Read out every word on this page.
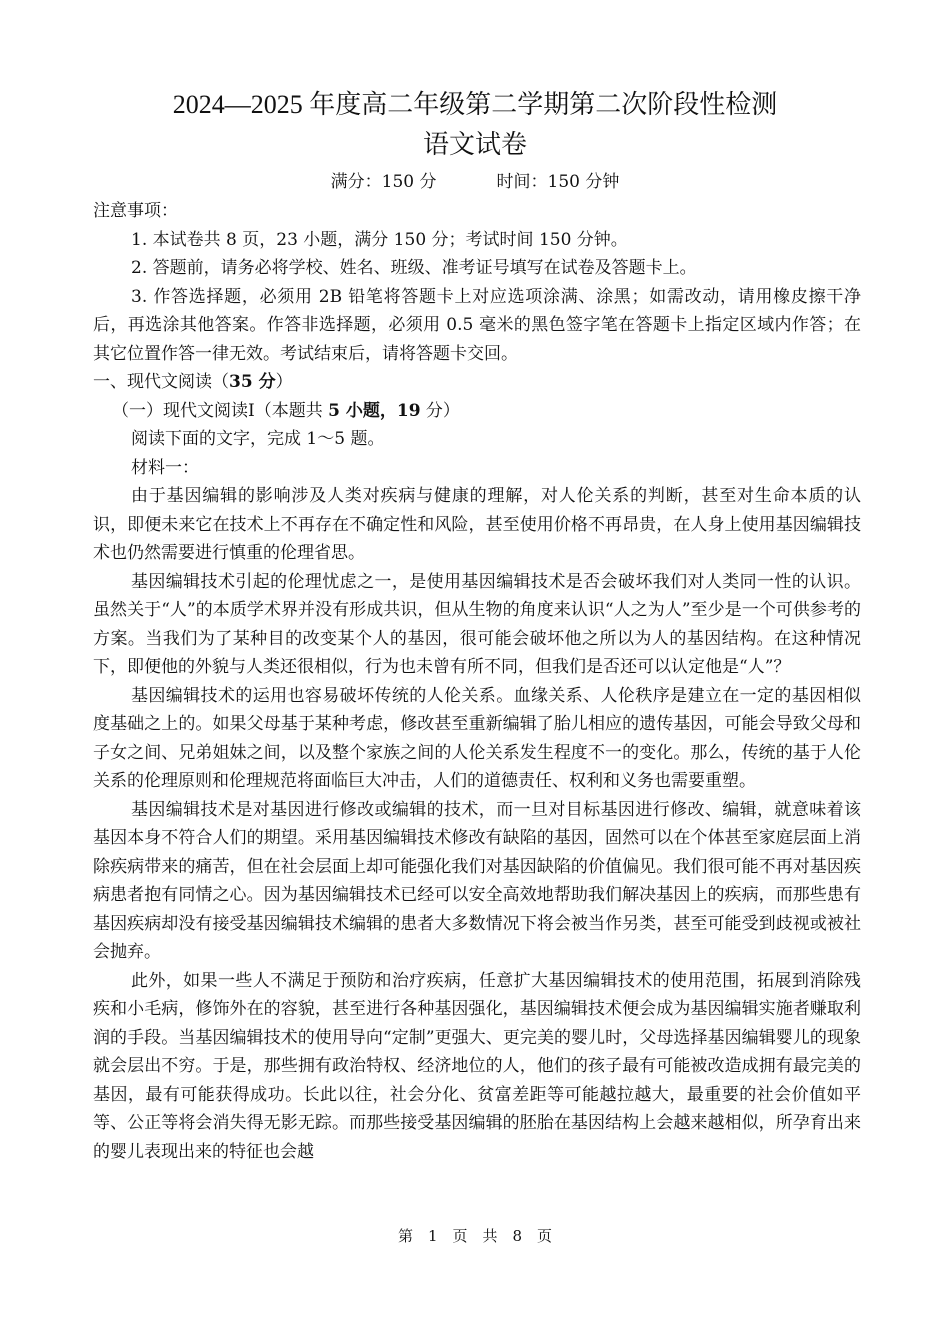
2024—2025 年度高二年级第二学期第二次阶段性检测
语文试卷
满分：150 分	时间：150 分钟

注意事项：

1. 本试卷共 8 页，23 小题，满分 150 分；考试时间 150 分钟。

2. 答题前，请务必将学校、姓名、班级、准考证号填写在试卷及答题卡上。

3. 作答选择题，必须用 2B 铅笔将答题卡上对应选项涂满、涂黑；如需改动，请用橡皮擦干净后，再选涂其他答案。作答非选择题，必须用 0.5 毫米的黑色签字笔在答题卡上指定区域内作答；在其它位置作答一律无效。考试结束后，请将答题卡交回。

一、现代文阅读（35 分）

（一）现代文阅读Ⅰ（本题共 5 小题，19 分）

阅读下面的文字，完成 1～5 题。

材料一：

由于基因编辑的影响涉及人类对疾病与健康的理解，对人伦关系的判断，甚至对生命本质的认识，即便未来它在技术上不再存在不确定性和风险，甚至使用价格不再昂贵，在人身上使用基因编辑技术也仍然需要进行慎重的伦理省思。

基因编辑技术引起的伦理忧虑之一，是使用基因编辑技术是否会破坏我们对人类同一性的认识。虽然关于“人”的本质学术界并没有形成共识，但从生物的角度来认识“人之为人”至少是一个可供参考的方案。当我们为了某种目的改变某个人的基因，很可能会破坏他之所以为人的基因结构。在这种情况下，即便他的外貌与人类还很相似，行为也未曾有所不同，但我们是否还可以认定他是“人”？

基因编辑技术的运用也容易破坏传统的人伦关系。血缘关系、人伦秩序是建立在一定的基因相似度基础之上的。如果父母基于某种考虑，修改甚至重新编辑了胎儿相应的遗传基因，可能会导致父母和子女之间、兄弟姐妹之间，以及整个家族之间的人伦关系发生程度不一的变化。那么，传统的基于人伦关系的伦理原则和伦理规范将面临巨大冲击，人们的道德责任、权利和义务也需要重塑。

基因编辑技术是对基因进行修改或编辑的技术，而一旦对目标基因进行修改、编辑，就意味着该基因本身不符合人们的期望。采用基因编辑技术修改有缺陷的基因，固然可以在个体甚至家庭层面上消除疾病带来的痛苦，但在社会层面上却可能强化我们对基因缺陷的价值偏见。我们很可能不再对基因疾病患者抱有同情之心。因为基因编辑技术已经可以安全高效地帮助我们解决基因上的疾病，而那些患有基因疾病却没有接受基因编辑技术编辑的患者大多数情况下将会被当作另类，甚至可能受到歧视或被社会抛弃。

此外，如果一些人不满足于预防和治疗疾病，任意扩大基因编辑技术的使用范围，拓展到消除残疾和小毛病，修饰外在的容貌，甚至进行各种基因强化，基因编辑技术便会成为基因编辑实施者赚取利润的手段。当基因编辑技术的使用导向“定制”更强大、更完美的婴儿时，父母选择基因编辑婴儿的现象就会层出不穷。于是，那些拥有政治特权、经济地位的人，他们的孩子最有可能被改造成拥有最完美的基因，最有可能获得成功。长此以往，社会分化、贫富差距等可能越拉越大，最重要的社会价值如平等、公正等将会消失得无影无踪。而那些接受基因编辑的胚胎在基因结构上会越来越相似，所孕育出来的婴儿表现出来的特征也会越

第　1　页　共　8　页
